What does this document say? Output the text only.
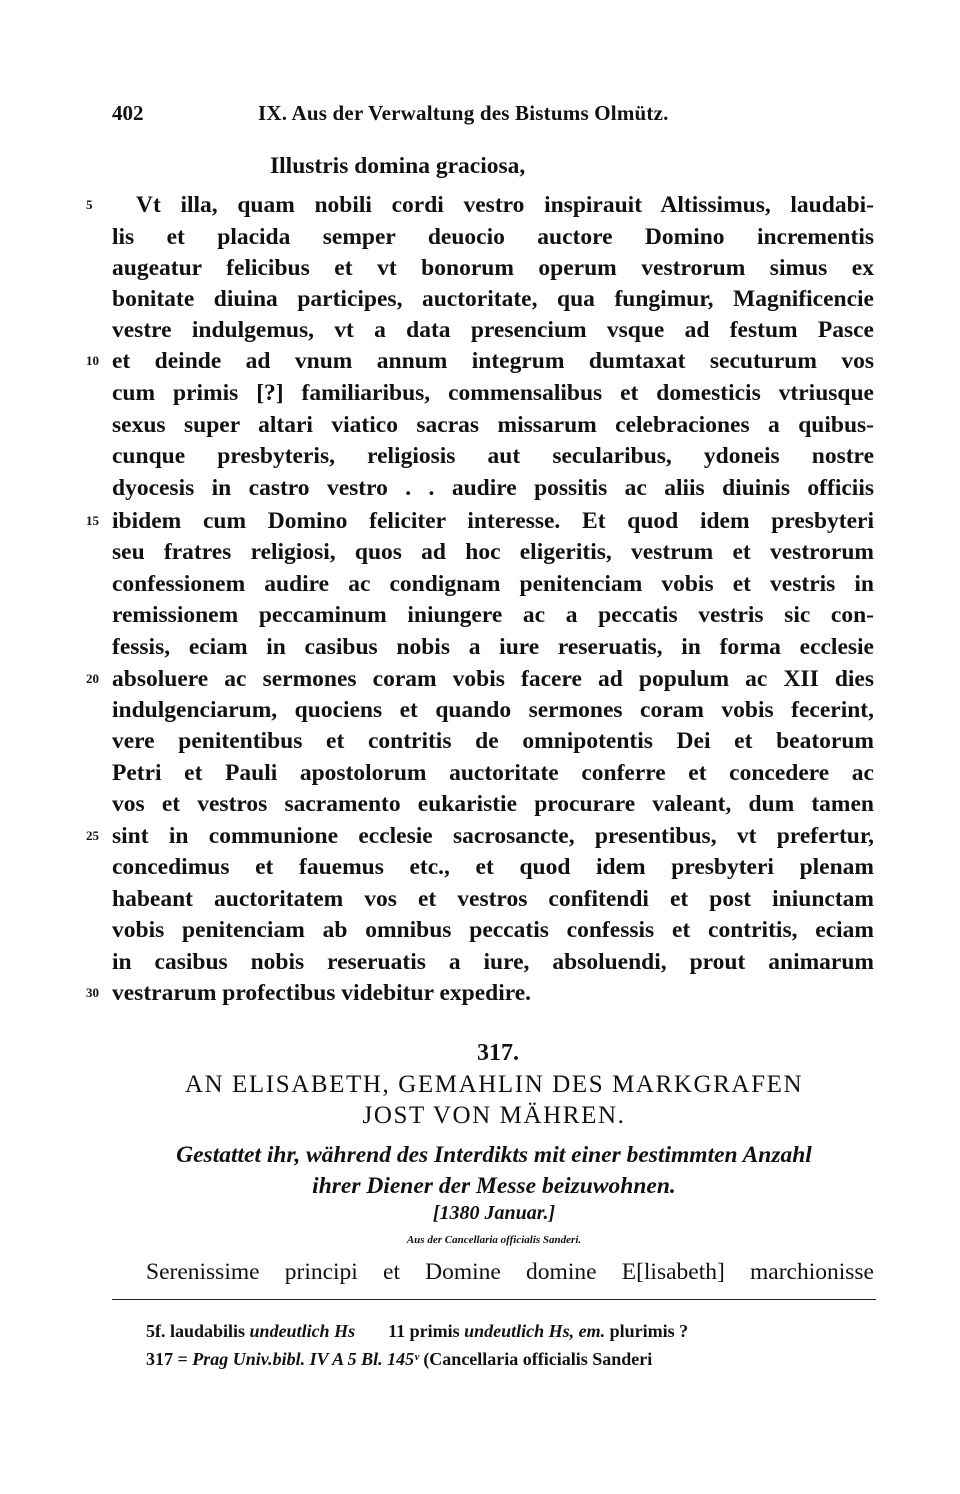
402	IX. Aus der Verwaltung des Bistums Olmütz.
Illustris domina graciosa,
5
10
15
20
25
30
Vt illa, quam nobili cordi vestro inspirauit Altissimus, laudabi-
lis et placida semper deuocio auctore Domino incrementis
augeatur felicibus et vt bonorum operum vestrorum simus ex
bonitate diuina participes, auctoritate, qua fungimur, Magnificencie
vestre indulgemus, vt a data presencium vsque ad festum Pasce
et deinde ad vnum annum integrum dumtaxat secuturum vos
cum primis [?] familiaribus, commensalibus et domesticis vtriusque
sexus super altari viatico sacras missarum celebraciones a quibus-
cunque presbyteris, religiosis aut secularibus, ydoneis nostre
dyocesis in castro vestro . . audire possitis ac aliis diuinis officiis
ibidem cum Domino feliciter interesse. Et quod idem presbyteri
seu fratres religiosi, quos ad hoc eligeritis, vestrum et vestrorum
confessionem audire ac condignam penitenciam vobis et vestris in
remissionem peccaminum iniungere ac a peccatis vestris sic con-
fessis, eciam in casibus nobis a iure reseruatis, in forma ecclesie
absoluere ac sermones coram vobis facere ad populum ac XII dies
indulgenciarum, quociens et quando sermones coram vobis fecerint,
vere penitentibus et contritis de omnipotentis Dei et beatorum
Petri et Pauli apostolorum auctoritate conferre et concedere ac
vos et vestros sacramento eukaristie procurare valeant, dum tamen
sint in communione ecclesie sacrosancte, presentibus, vt prefertur,
concedimus et fauemus etc., et quod idem presbyteri plenam
habeant auctoritatem vos et vestros confitendi et post iniunctam
vobis penitenciam ab omnibus peccatis confessis et contritis, eciam
in casibus nobis reseruatis a iure, absoluendi, prout animarum
vestrarum profectibus videbitur expedire.
317.
AN ELISABETH, GEMAHLIN DES MARKGRAFEN
JOST VON MÄHREN.
Gestattet ihr, während des Interdikts mit einer bestimmten Anzahl
ihrer Diener der Messe beizuwohnen.
[1380 Januar.]
Aus der Cancellaria officialis Sanderi.
Serenissime principi et Domine domine E[lisabeth] marchionisse
5f. laudabilis undeutlich Hs 11 primis undeutlich Hs, em. plurimis ?
317 = Prag Univ.bibl. IV A 5 Bl. 145ᵛ (Cancellaria officialis Sanderi
